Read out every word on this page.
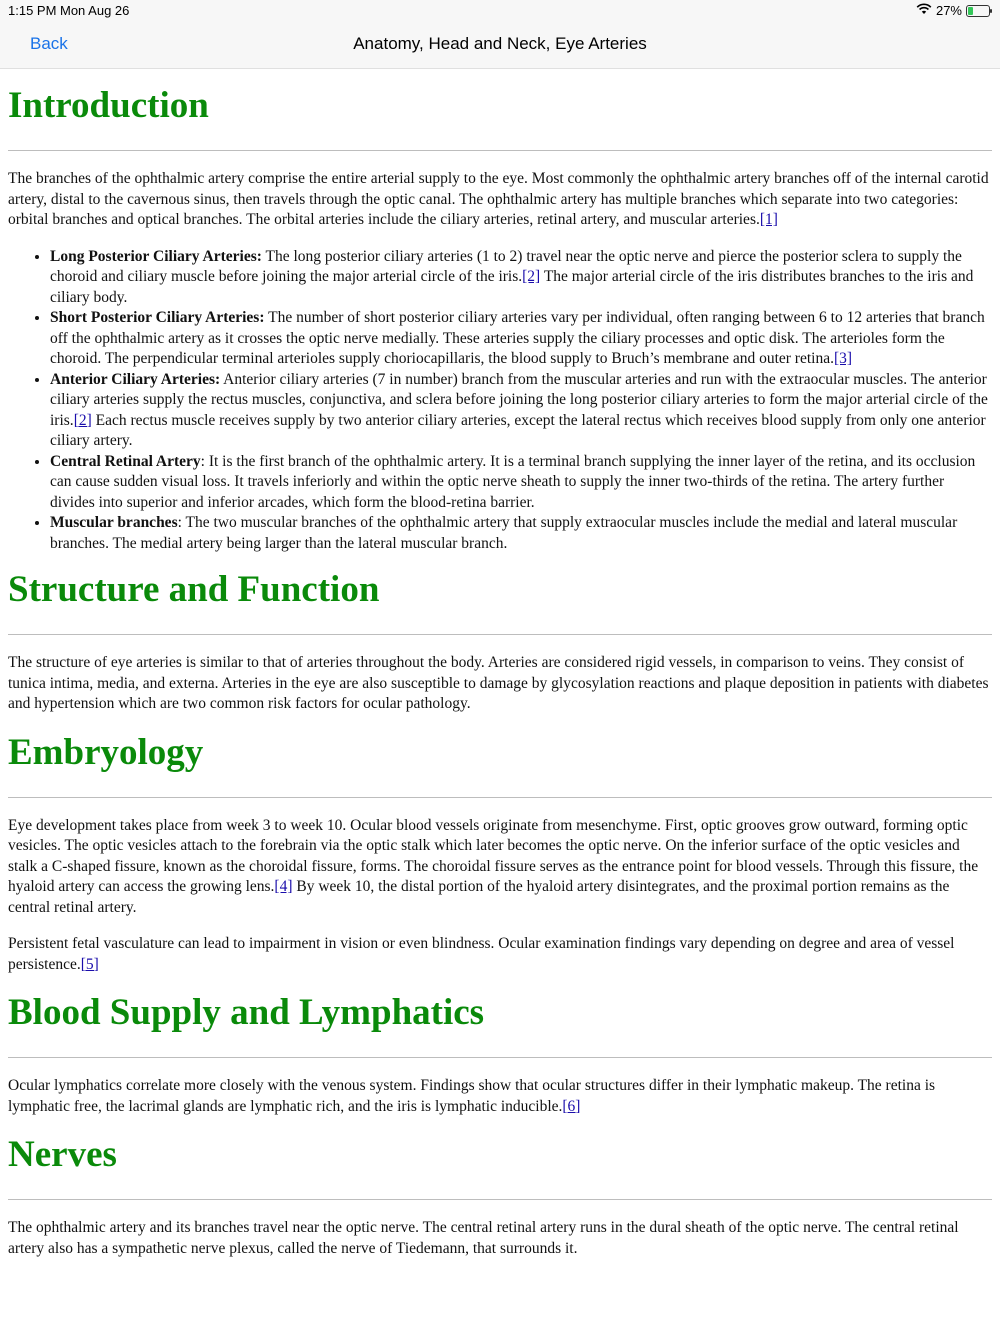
1:15 PM Mon Aug 26	27%
Back	Anatomy, Head and Neck, Eye Arteries
Introduction

The branches of the ophthalmic artery comprise the entire arterial supply to the eye. Most commonly the ophthalmic artery branches off of the internal carotid artery, distal to the cavernous sinus, then travels through the optic canal. The ophthalmic artery has multiple branches which separate into two categories: orbital branches and optical branches. The orbital arteries include the ciliary arteries, retinal artery, and muscular arteries.[1]

• Long Posterior Ciliary Arteries: The long posterior ciliary arteries (1 to 2) travel near the optic nerve and pierce the posterior sclera to supply the choroid and ciliary muscle before joining the major arterial circle of the iris.[2] The major arterial circle of the iris distributes branches to the iris and ciliary body.
• Short Posterior Ciliary Arteries: The number of short posterior ciliary arteries vary per individual, often ranging between 6 to 12 arteries that branch off the ophthalmic artery as it crosses the optic nerve medially. These arteries supply the ciliary processes and optic disk. The arterioles form the choroid. The perpendicular terminal arterioles supply choriocapillaris, the blood supply to Bruch’s membrane and outer retina.[3]
• Anterior Ciliary Arteries: Anterior ciliary arteries (7 in number) branch from the muscular arteries and run with the extraocular muscles. The anterior ciliary arteries supply the rectus muscles, conjunctiva, and sclera before joining the long posterior ciliary arteries to form the major arterial circle of the iris.[2] Each rectus muscle receives supply by two anterior ciliary arteries, except the lateral rectus which receives blood supply from only one anterior ciliary artery.
• Central Retinal Artery: It is the first branch of the ophthalmic artery. It is a terminal branch supplying the inner layer of the retina, and its occlusion can cause sudden visual loss. It travels inferiorly and within the optic nerve sheath to supply the inner two-thirds of the retina. The artery further divides into superior and inferior arcades, which form the blood-retina barrier.
• Muscular branches: The two muscular branches of the ophthalmic artery that supply extraocular muscles include the medial and lateral muscular branches. The medial artery being larger than the lateral muscular branch.
Structure and Function

The structure of eye arteries is similar to that of arteries throughout the body. Arteries are considered rigid vessels, in comparison to veins. They consist of tunica intima, media, and externa. Arteries in the eye are also susceptible to damage by glycosylation reactions and plaque deposition in patients with diabetes and hypertension which are two common risk factors for ocular pathology.

Embryology

Eye development takes place from week 3 to week 10. Ocular blood vessels originate from mesenchyme. First, optic grooves grow outward, forming optic vesicles. The optic vesicles attach to the forebrain via the optic stalk which later becomes the optic nerve. On the inferior surface of the optic vesicles and stalk a C-shaped fissure, known as the choroidal fissure, forms. The choroidal fissure serves as the entrance point for blood vessels. Through this fissure, the hyaloid artery can access the growing lens.[4] By week 10, the distal portion of the hyaloid artery disintegrates, and the proximal portion remains as the central retinal artery.

Persistent fetal vasculature can lead to impairment in vision or even blindness. Ocular examination findings vary depending on degree and area of vessel persistence.[5]

Blood Supply and Lymphatics

Ocular lymphatics correlate more closely with the venous system. Findings show that ocular structures differ in their lymphatic makeup. The retina is lymphatic free, the lacrimal glands are lymphatic rich, and the iris is lymphatic inducible.[6]

Nerves

The ophthalmic artery and its branches travel near the optic nerve. The central retinal artery runs in the dural sheath of the optic nerve. The central retinal artery also has a sympathetic nerve plexus, called the nerve of Tiedemann, that surrounds it.
